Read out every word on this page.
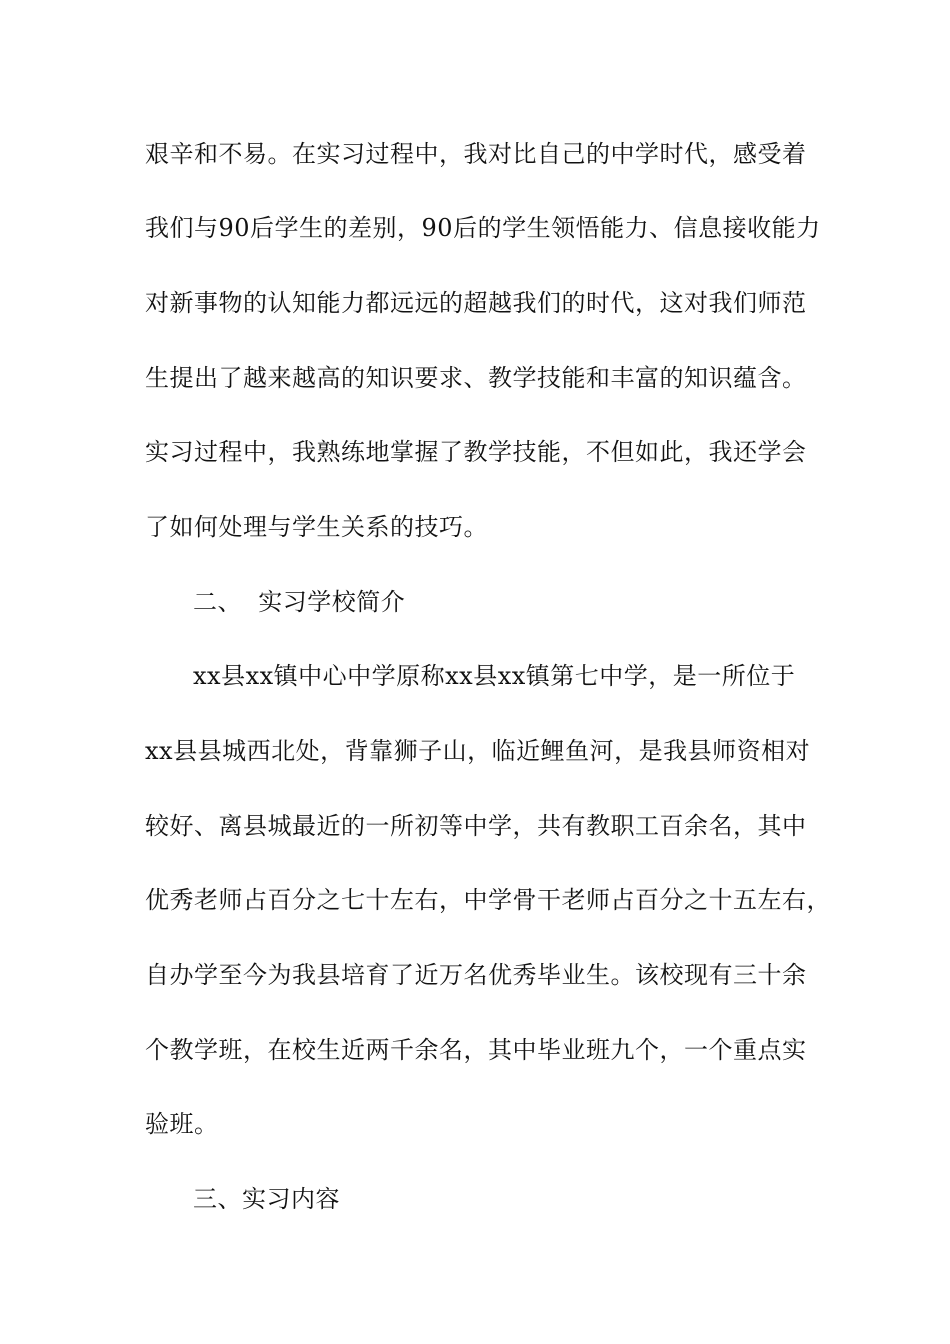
艰辛和不易。在实习过程中，我对比自己的中学时代，感受着
我们与90后学生的差别，90后的学生领悟能力、信息接收能力
对新事物的认知能力都远远的超越我们的时代，这对我们师范
生提出了越来越高的知识要求、教学技能和丰富的知识蕴含。
实习过程中，我熟练地掌握了教学技能，不但如此，我还学会
了如何处理与学生关系的技巧。
二、  实习学校简介
xx县xx镇中心中学原称xx县xx镇第七中学，是一所位于
xx县县城西北处，背靠狮子山，临近鲤鱼河，是我县师资相对
较好、离县城最近的一所初等中学，共有教职工百余名，其中
优秀老师占百分之七十左右，中学骨干老师占百分之十五左右，
自办学至今为我县培育了近万名优秀毕业生。该校现有三十余
个教学班，在校生近两千余名，其中毕业班九个，一个重点实
验班。
三、实习内容
